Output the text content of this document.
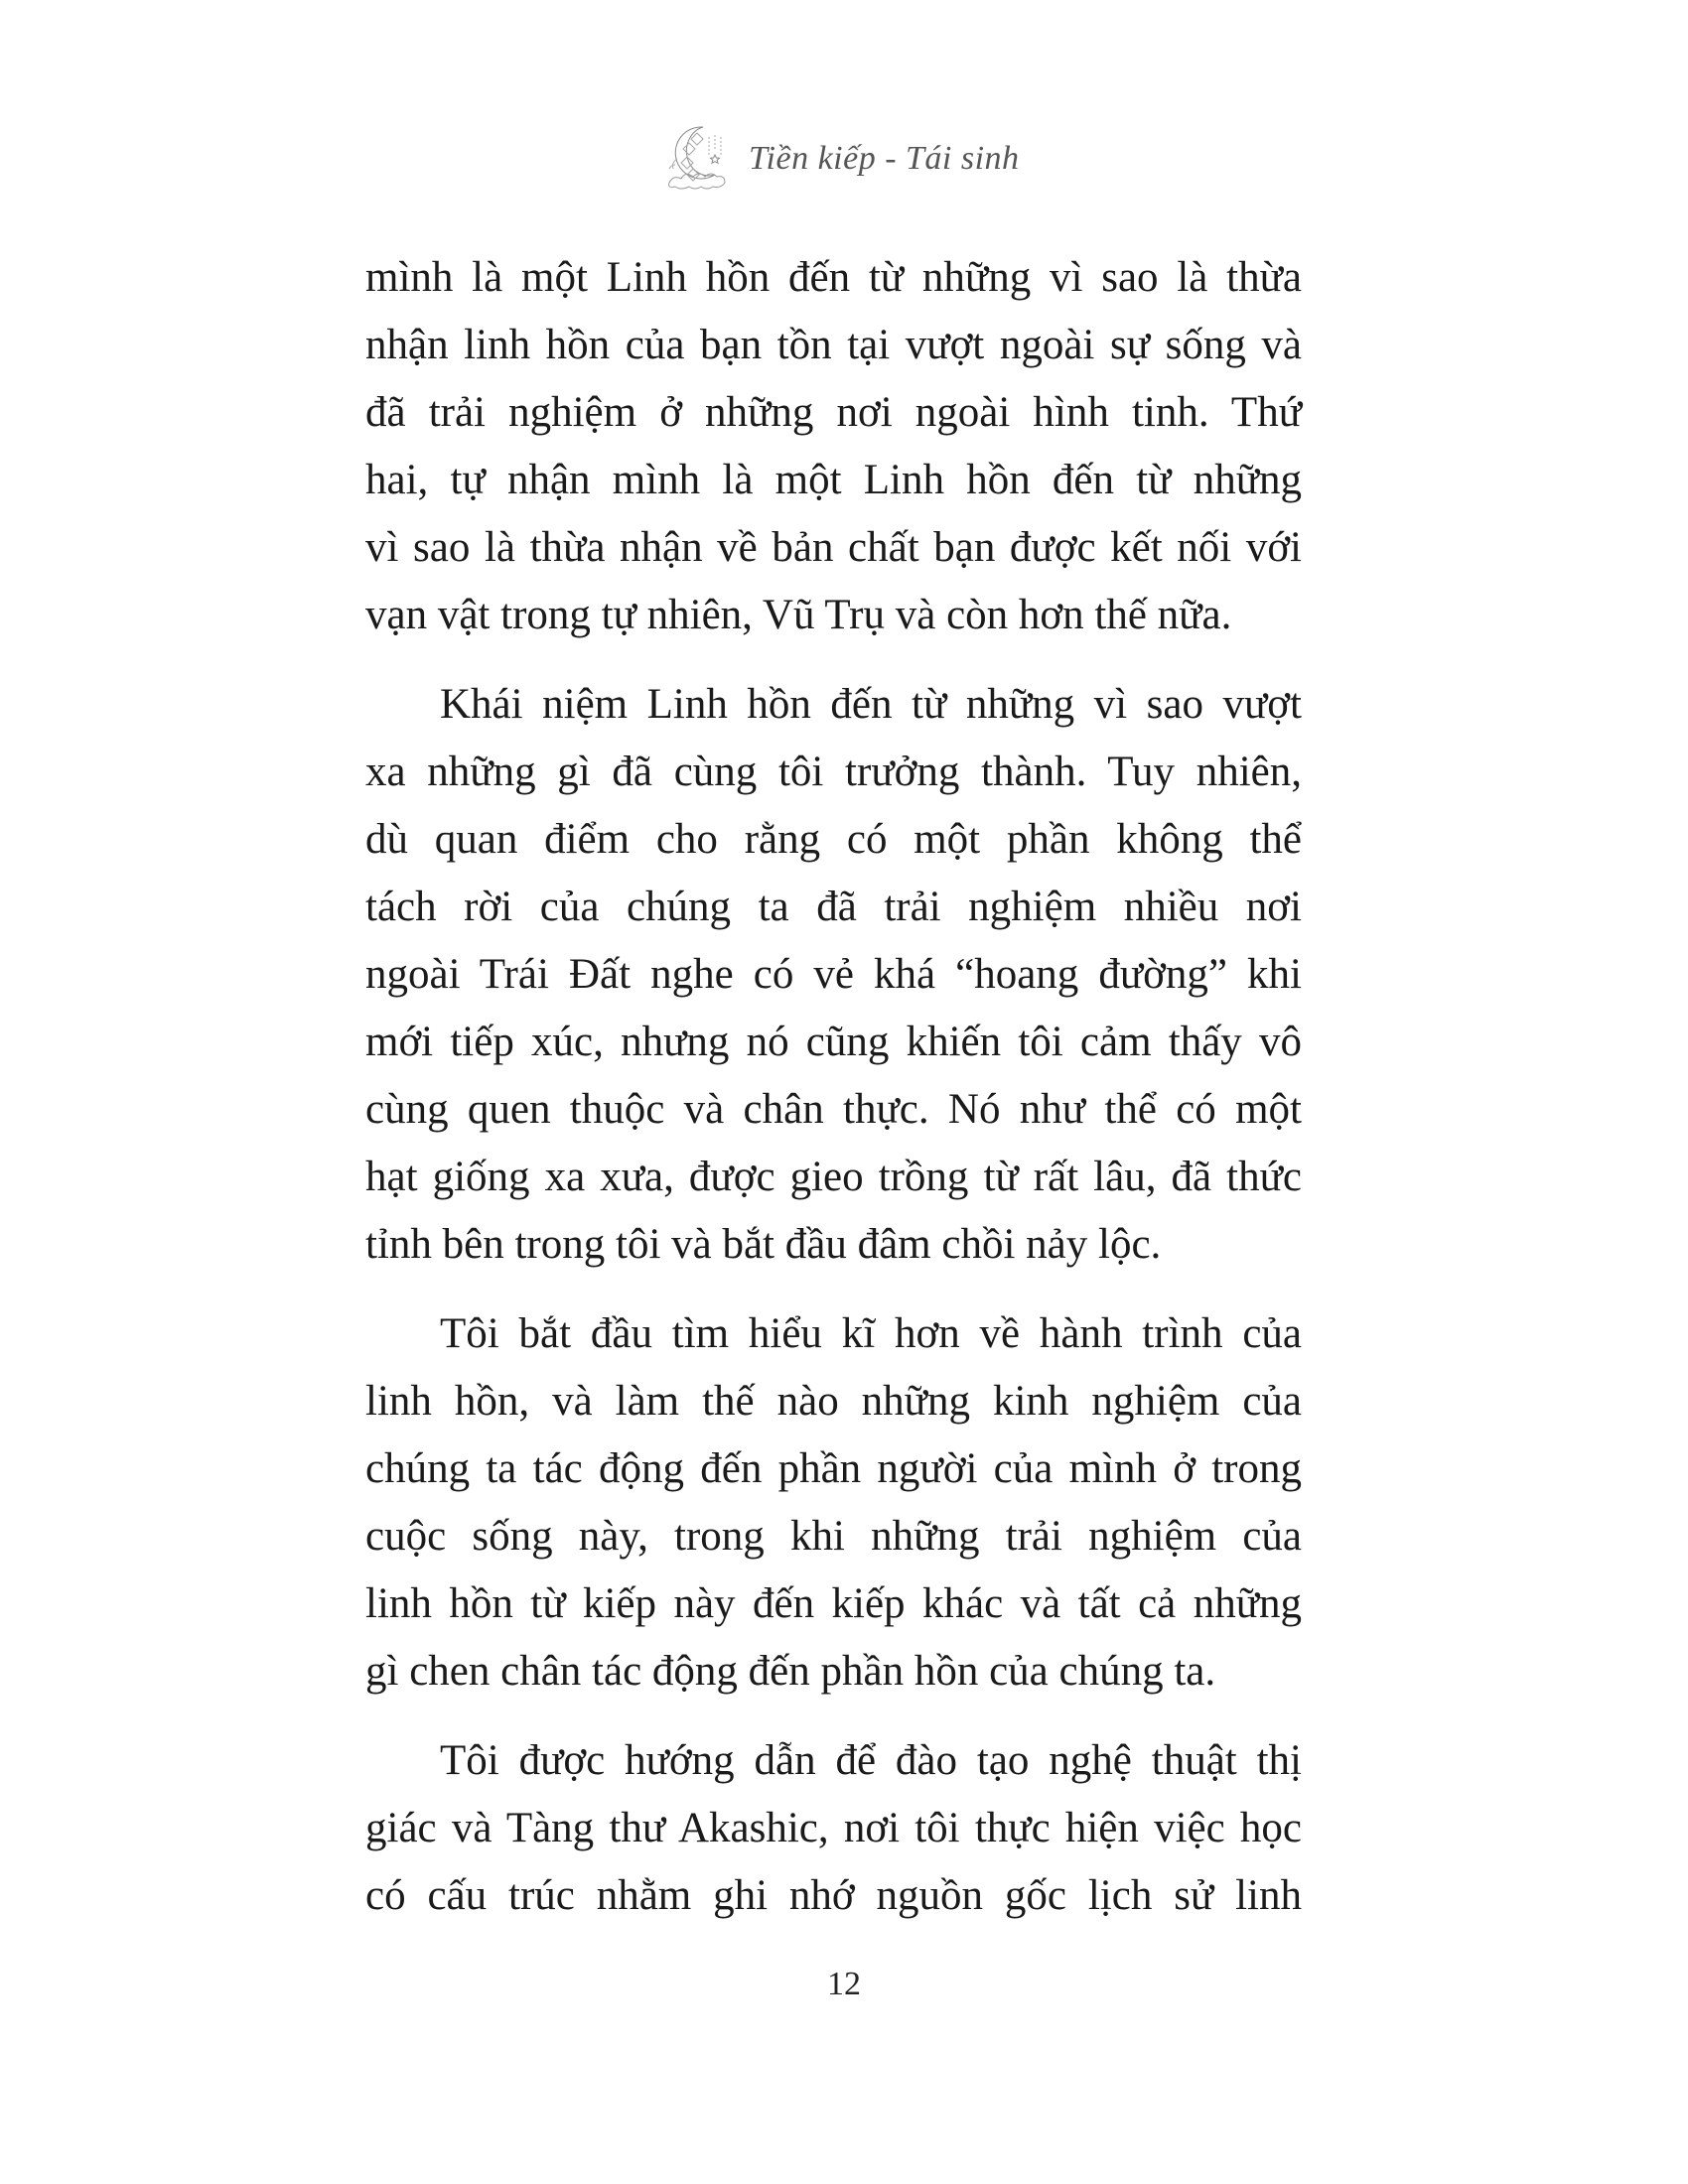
Tiền kiếp - Tái sinh
mình là một Linh hồn đến từ những vì sao là thừa
nhận linh hồn của bạn tồn tại vượt ngoài sự sống và
đã trải nghiệm ở những nơi ngoài hình tinh. Thứ
hai, tự nhận mình là một Linh hồn đến từ những
vì sao là thừa nhận về bản chất bạn được kết nối với
vạn vật trong tự nhiên, Vũ Trụ và còn hơn thế nữa.
Khái niệm Linh hồn đến từ những vì sao vượt
xa những gì đã cùng tôi trưởng thành. Tuy nhiên,
dù quan điểm cho rằng có một phần không thể
tách rời của chúng ta đã trải nghiệm nhiều nơi
ngoài Trái Đất nghe có vẻ khá “hoang đường” khi
mới tiếp xúc, nhưng nó cũng khiến tôi cảm thấy vô
cùng quen thuộc và chân thực. Nó như thể có một
hạt giống xa xưa, được gieo trồng từ rất lâu, đã thức
tỉnh bên trong tôi và bắt đầu đâm chồi nảy lộc.
Tôi bắt đầu tìm hiểu kĩ hơn về hành trình của
linh hồn, và làm thế nào những kinh nghiệm của
chúng ta tác động đến phần người của mình ở trong
cuộc sống này, trong khi những trải nghiệm của
linh hồn từ kiếp này đến kiếp khác và tất cả những
gì chen chân tác động đến phần hồn của chúng ta.
Tôi được hướng dẫn để đào tạo nghệ thuật thị
giác và Tàng thư Akashic, nơi tôi thực hiện việc học
có cấu trúc nhằm ghi nhớ nguồn gốc lịch sử linh
12
